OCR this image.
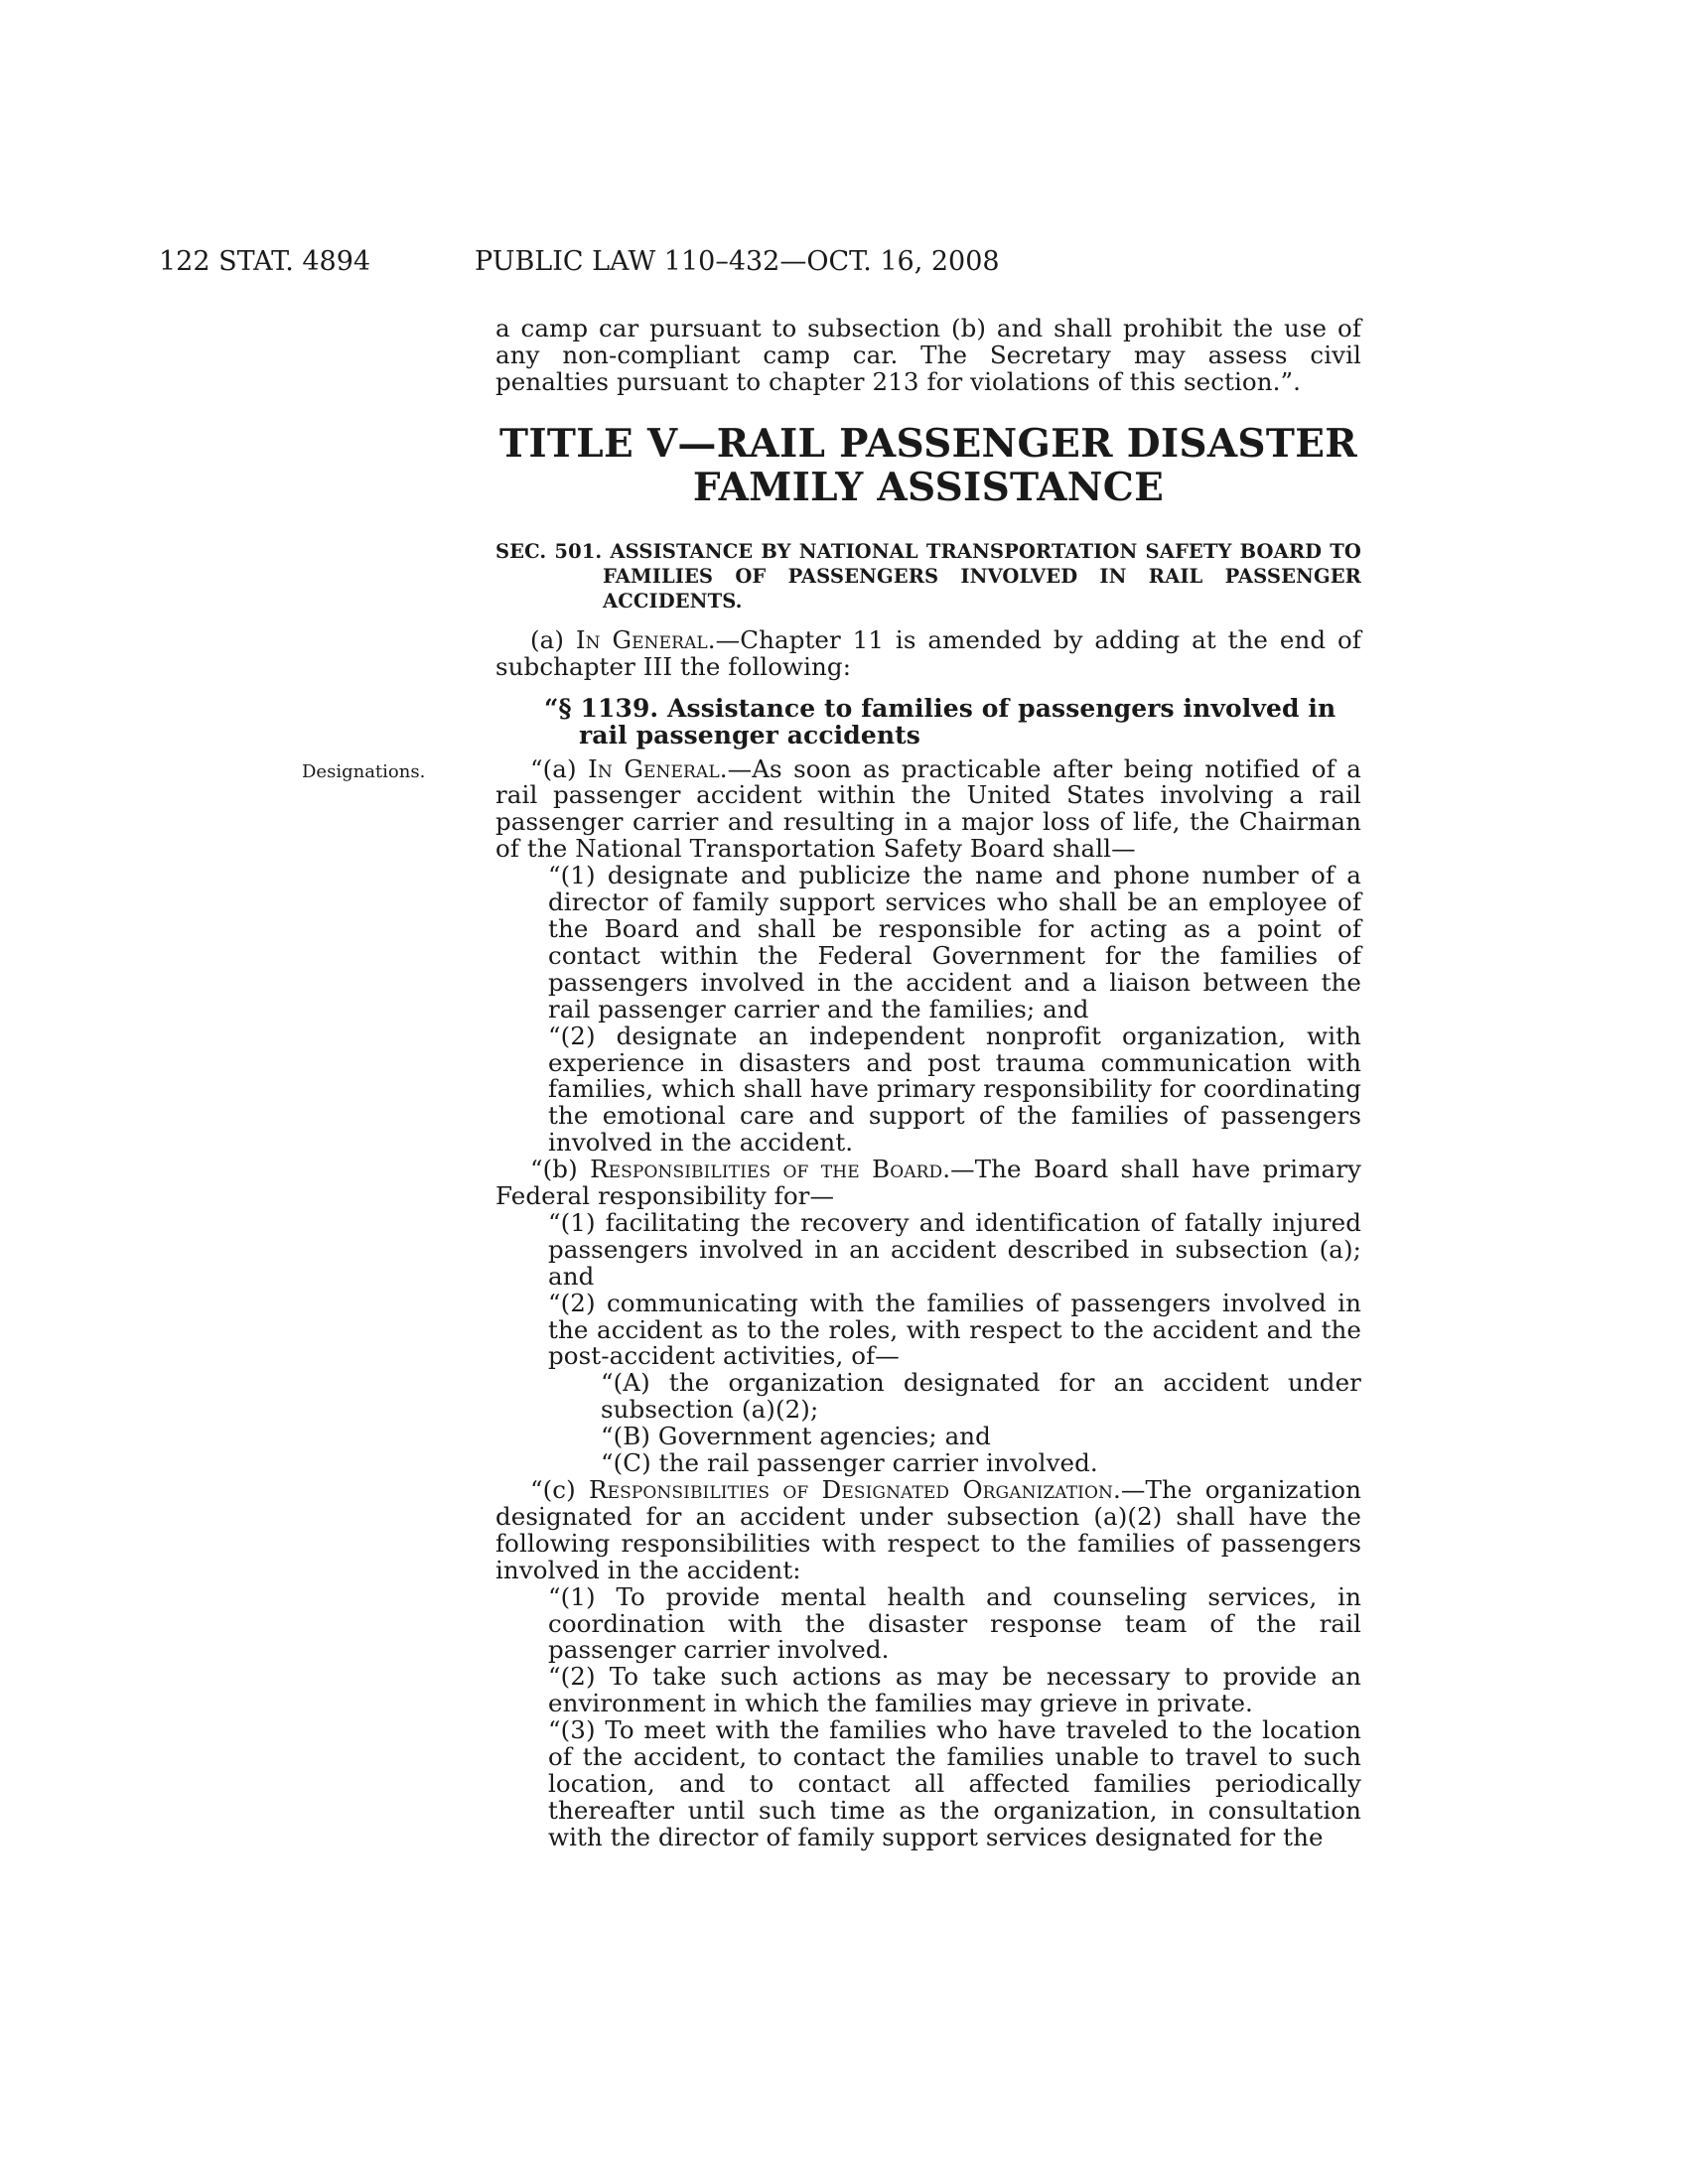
122 STAT. 4894	PUBLIC LAW 110–432—OCT. 16, 2008
Designations.

a camp car pursuant to subsection (b) and shall prohibit the use of any non-compliant camp car. The Secretary may assess civil penalties pursuant to chapter 213 for violations of this section.”.

TITLE V—RAIL PASSENGER DISASTER
FAMILY ASSISTANCE

SEC. 501. ASSISTANCE BY NATIONAL TRANSPORTATION SAFETY BOARD TO FAMILIES OF PASSENGERS INVOLVED IN RAIL PASSENGER ACCIDENTS.

(a) In General.—Chapter 11 is amended by adding at the end of subchapter III the following:

“§ 1139. Assistance to families of passengers involved in rail passenger accidents

“(a) In General.—As soon as practicable after being notified of a rail passenger accident within the United States involving a rail passenger carrier and resulting in a major loss of life, the Chairman of the National Transportation Safety Board shall—

“(1) designate and publicize the name and phone number of a director of family support services who shall be an employee of the Board and shall be responsible for acting as a point of contact within the Federal Government for the families of passengers involved in the accident and a liaison between the rail passenger carrier and the families; and

“(2) designate an independent nonprofit organization, with experience in disasters and post trauma communication with families, which shall have primary responsibility for coordinating the emotional care and support of the families of passengers involved in the accident.

“(b) Responsibilities of the Board.—The Board shall have primary Federal responsibility for—

“(1) facilitating the recovery and identification of fatally injured passengers involved in an accident described in subsection (a); and

“(2) communicating with the families of passengers involved in the accident as to the roles, with respect to the accident and the post-accident activities, of—

“(A) the organization designated for an accident under subsection (a)(2);

“(B) Government agencies; and

“(C) the rail passenger carrier involved.

“(c) Responsibilities of Designated Organization.—The organization designated for an accident under subsection (a)(2) shall have the following responsibilities with respect to the families of passengers involved in the accident:

“(1) To provide mental health and counseling services, in coordination with the disaster response team of the rail passenger carrier involved.

“(2) To take such actions as may be necessary to provide an environment in which the families may grieve in private.

“(3) To meet with the families who have traveled to the location of the accident, to contact the families unable to travel to such location, and to contact all affected families periodically thereafter until such time as the organization, in consultation with the director of family support services designated for the
